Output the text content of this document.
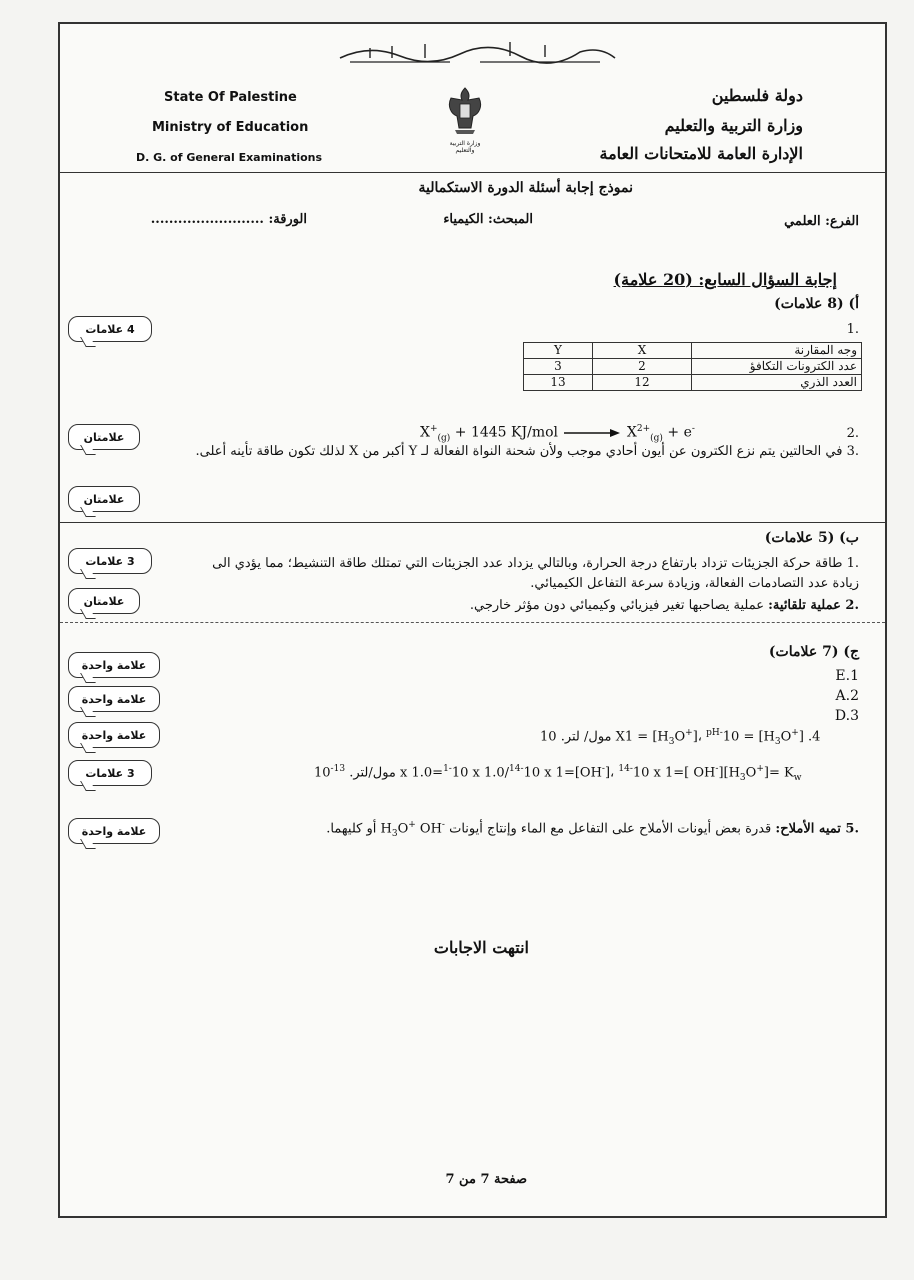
State Of Palestine
Ministry of Education
D. G. of General Examinations
وزارة التربية والتعليم
دولة فلسطين
وزارة التربية والتعليم
الإدارة العامة للامتحانات العامة
نموذج إجابة أسئلة الدورة الاستكمالية
الفرع: العلمي
المبحث: الكيمياء
الورقة: .........................
إجابة السؤال السابع: (20 علامة)
أ) (8 علامات)
4 علامات	.1
Y	X	وجه المقارنة
3	2	عدد الكترونات التكافؤ
13	12	العدد الذري
علامتان	$X^+_{(g)} + 1445$ KJ/mol	$X^{2+}_{(g)} + e^-$	.2
.3 في الحالتين يتم نزع الكترون عن أيون أحادي موجب ولأن شحنة النواة الفعالة لـ Y أكبر من X لذلك تكون طاقة تأينه أعلى.
علامتان
ب) (5 علامات)
3 علامات	.1 طاقة حركة الجزيئات تزداد بارتفاع درجة الحرارة، وبالتالي يزداد عدد الجزيئات التي تمتلك طاقة التنشيط؛ مما يؤدي الى
زيادة عدد التصادمات الفعالة، وزيادة سرعة التفاعل الكيميائي.
علامتان	.2 عملية تلقائية: عملية يصاحبها تغير فيزيائي وكيميائي دون مؤثر خارجي.
ج) (7 علامات)
علامة واحدة
E.1
علامة واحدة	A.2
D.3
علامة واحدة	مول/ لتر. 10 $X1 = [H_3O^+]،$ $^{pH-}10 = [H_3O^+]$ .4
3 علامات	مول/لتر. $^{13-}$10 x 1.0=$^{1-}$10 x 1.0/$^{14-}$10 x 1=[OH-]، $^{14-}$10 x 1=[ $OH^-][H_3O^+]= K_w$
علامة واحدة	.5 تميه الأملاح: قدرة بعض أيونات الأملاح على التفاعل مع الماء وإنتاج أيونات $H_3O^+$ OH- أو كليهما.
انتهت الاجابات
صفحة 7 من 7
